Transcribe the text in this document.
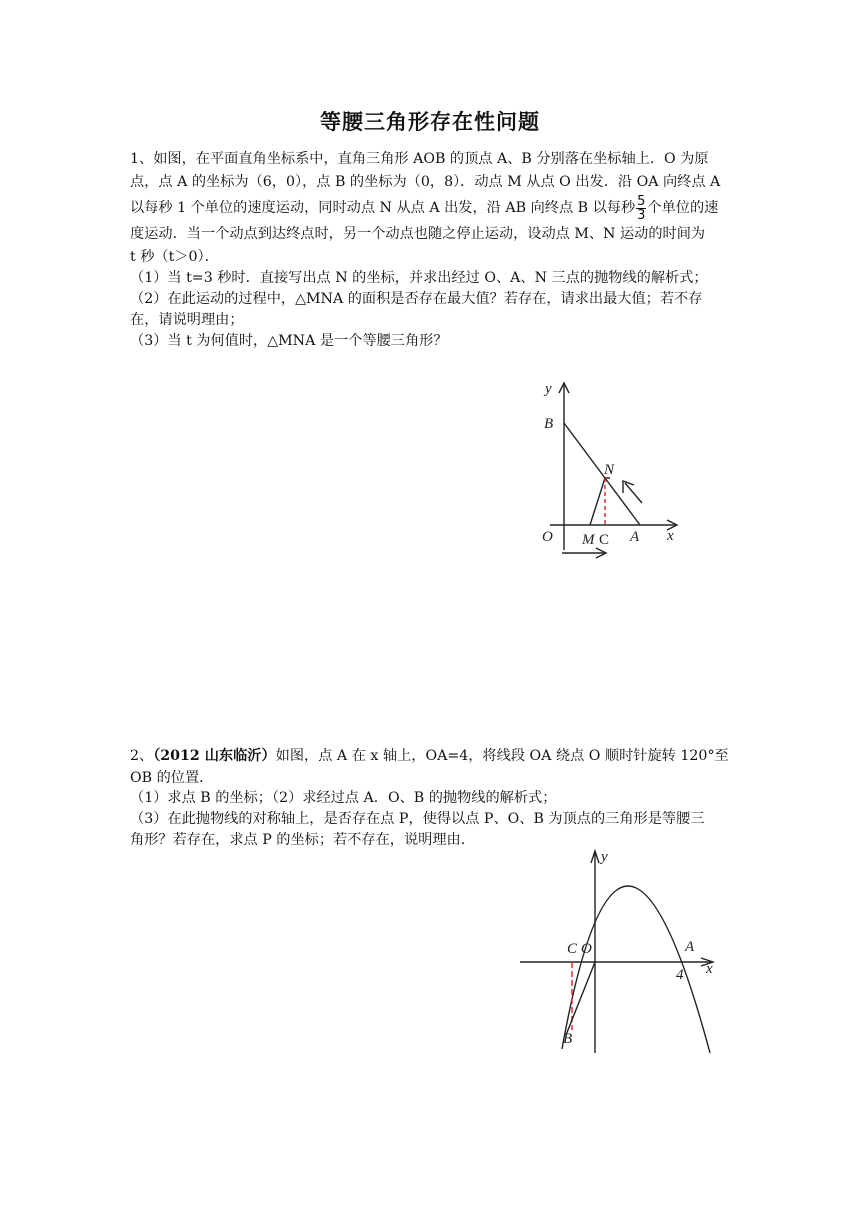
等腰三角形存在性问题
1、如图，在平面直角坐标系中，直角三角形 AOB 的顶点 A、B 分别落在坐标轴上．O 为原
点，点 A 的坐标为（6，0），点 B 的坐标为（0，8）．动点 M 从点 O 出发．沿 OA 向终点 A
以每秒 1 个单位的速度运动，同时动点 N 从点 A 出发，沿 AB 向终点 B 以每秒 $\frac{5}{3}$ 个单位的速
度运动．当一个动点到达终点时，另一个动点也随之停止运动，设动点 M、N 运动的时间为
t 秒（t＞0）．
（1）当 t=3 秒时．直接写出点 N 的坐标，并求出经过 O、A、N 三点的抛物线的解析式；
（2）在此运动的过程中，△MNA 的面积是否存在最大值？若存在，请求出最大值；若不存
在，请说明理由；
（3）当 t 为何值时，△MNA 是一个等腰三角形？
y
B
N
O M A x
C
2、（2012 山东临沂）如图，点 A 在 x 轴上，OA=4，将线段 OA 绕点 O 顺时针旋转 120°至
OB 的位置．
（1）求点 B 的坐标；（2）求经过点 A．O、B 的抛物线的解析式；
（3）在此抛物线的对称轴上，是否存在点 P，使得以点 P、O、B 为顶点的三角形是等腰三
角形？若存在，求点 P 的坐标；若不存在，说明理由．
y
C O	A
x
4
B
